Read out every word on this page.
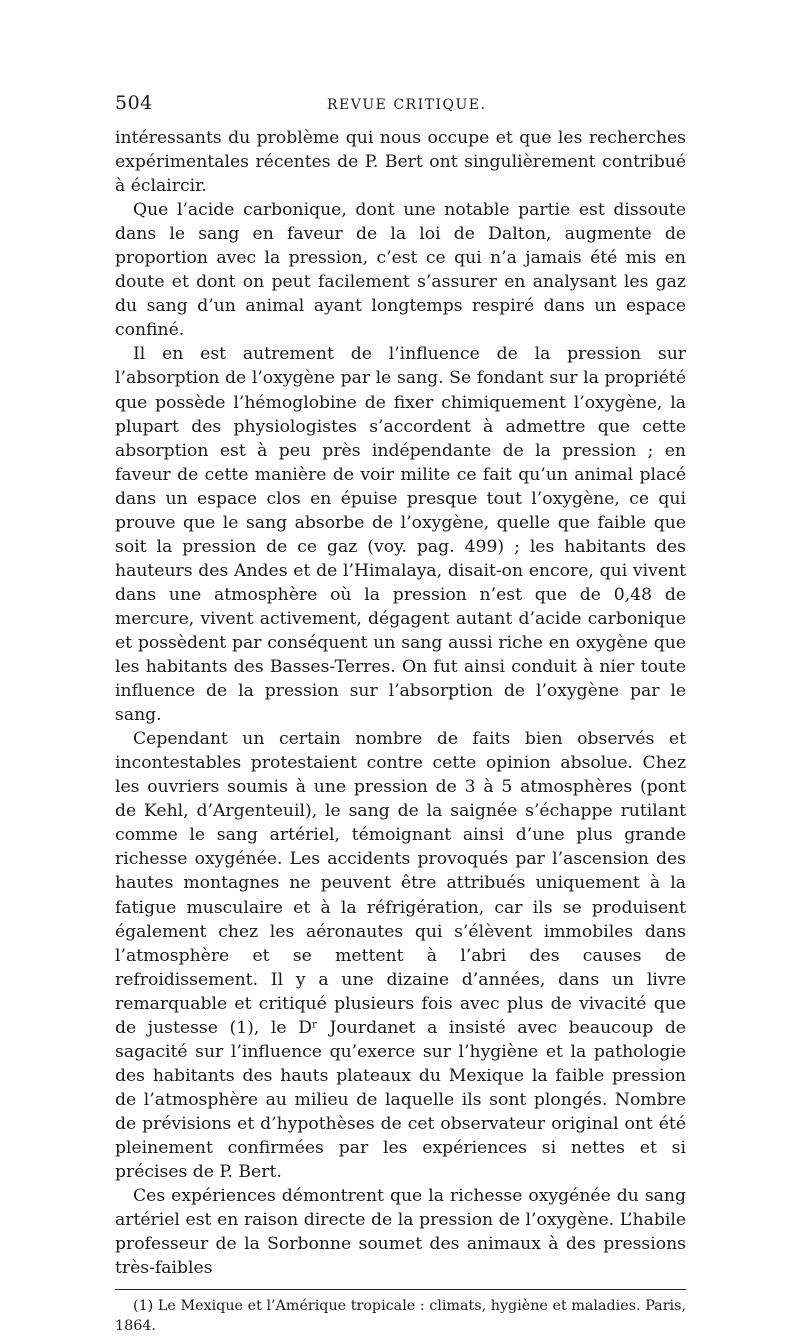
504	REVUE CRITIQUE.

intéressants du problème qui nous occupe et que les recherches expérimentales récentes de P. Bert ont singulièrement contribué à éclaircir.

Que l’acide carbonique, dont une notable partie est dissoute dans le sang en faveur de la loi de Dalton, augmente de proportion avec la pression, c’est ce qui n’a jamais été mis en doute et dont on peut facilement s’assurer en analysant les gaz du sang d’un animal ayant longtemps respiré dans un espace confiné.

Il en est autrement de l’influence de la pression sur l’absorption de l’oxygène par le sang. Se fondant sur la propriété que possède l’hémoglobine de fixer chimiquement l’oxygène, la plupart des physiologistes s’accordent à admettre que cette absorption est à peu près indépendante de la pression ; en faveur de cette manière de voir milite ce fait qu’un animal placé dans un espace clos en épuise presque tout l’oxygène, ce qui prouve que le sang absorbe de l’oxygène, quelle que faible que soit la pression de ce gaz (voy. pag. 499) ; les habitants des hauteurs des Andes et de l’Himalaya, disait-on encore, qui vivent dans une atmosphère où la pression n’est que de 0,48 de mercure, vivent activement, dégagent autant d’acide carbonique et possèdent par conséquent un sang aussi riche en oxygène que les habitants des Basses-Terres. On fut ainsi conduit à nier toute influence de la pression sur l’absorption de l’oxygène par le sang.

Cependant un certain nombre de faits bien observés et incontestables protestaient contre cette opinion absolue. Chez les ouvriers soumis à une pression de 3 à 5 atmosphères (pont de Kehl, d’Argenteuil), le sang de la saignée s’échappe rutilant comme le sang artériel, témoignant ainsi d’une plus grande richesse oxygénée. Les accidents provoqués par l’ascension des hautes montagnes ne peuvent être attribués uniquement à la fatigue musculaire et à la réfrigération, car ils se produisent également chez les aéronautes qui s’élèvent immobiles dans l’atmosphère et se mettent à l’abri des causes de refroidissement. Il y a une dizaine d’années, dans un livre remarquable et critiqué plusieurs fois avec plus de vivacité que de justesse (1), le Dʳ Jourdanet a insisté avec beaucoup de sagacité sur l’influence qu’exerce sur l’hygiène et la pathologie des habitants des hauts plateaux du Mexique la faible pression de l’atmosphère au milieu de laquelle ils sont plongés. Nombre de prévisions et d’hypothèses de cet observateur original ont été pleinement confirmées par les expériences si nettes et si précises de P. Bert.

Ces expériences démontrent que la richesse oxygénée du sang artériel est en raison directe de la pression de l’oxygène. L’habile professeur de la Sorbonne soumet des animaux à des pressions très-faibles

(1) Le Mexique et l’Amérique tropicale : climats, hygiène et maladies. Paris, 1864.
